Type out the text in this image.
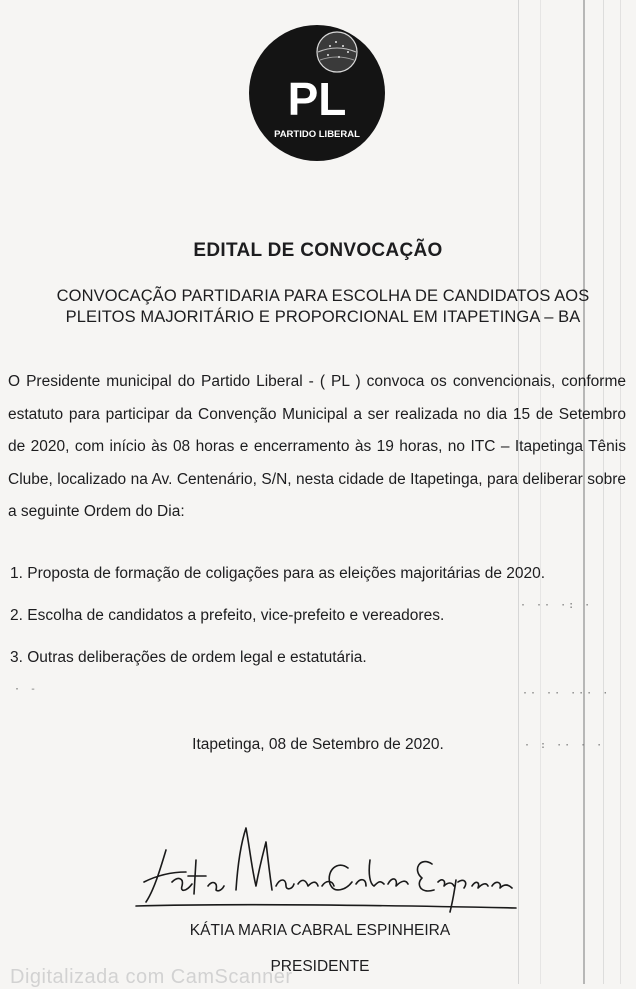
· ·· ·: ·
·· ·· ··· ·
· : ·· · ·
· -
PL
PARTIDO LIBERAL
EDITAL DE CONVOCAÇÃO
CONVOCAÇÃO PARTIDARIA PARA ESCOLHA DE CANDIDATOS AOS
PLEITOS MAJORITÁRIO E PROPORCIONAL EM ITAPETINGA – BA
O Presidente municipal do Partido Liberal - ( PL ) convoca os convencionais, conforme estatuto para participar da Convenção Municipal a ser realizada no dia 15 de Setembro de 2020, com início às 08 horas e encerramento às 19 horas, no ITC – Itapetinga Tênis Clube, localizado na Av. Centenário, S/N, nesta cidade de Itapetinga, para deliberar sobre a seguinte Ordem do Dia:
1. Proposta de formação de coligações para as eleições majoritárias de 2020.
2. Escolha de candidatos a prefeito, vice-prefeito e vereadores.
3. Outras deliberações de ordem legal e estatutária.
Itapetinga, 08 de Setembro de 2020.
KÁTIA MARIA CABRAL ESPINHEIRA
PRESIDENTE
Digitalizada com CamScanner
